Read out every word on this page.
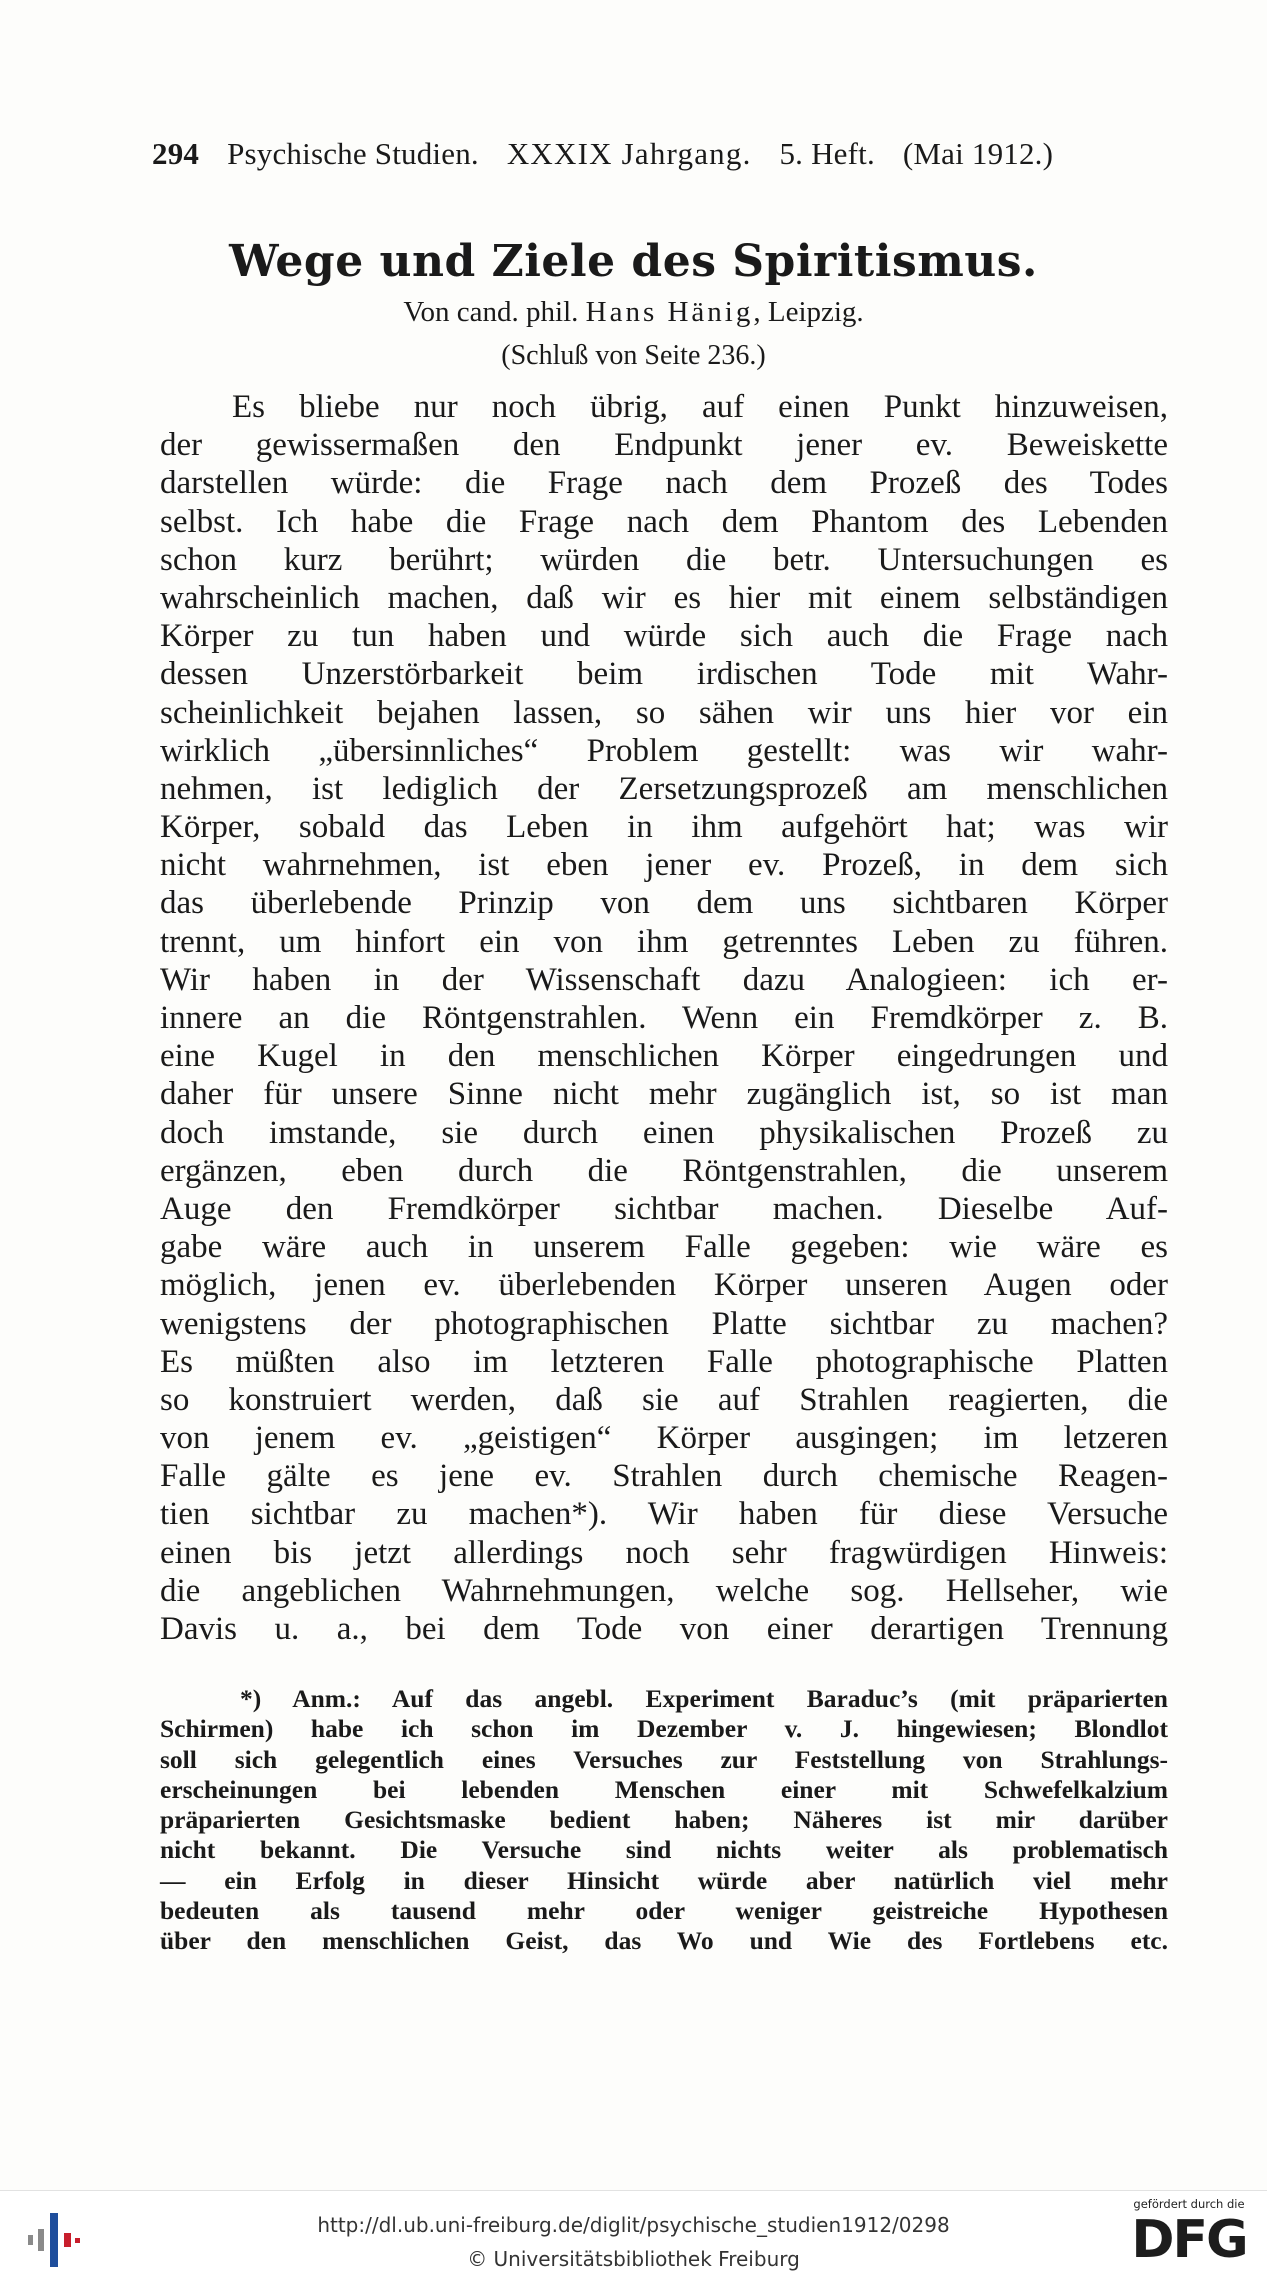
294 Psychische Studien. XXXIX Jahrgang. 5. Heft. (Mai 1912.)
Wege und Ziele des Spiritismus.
Von cand. phil. Hans Hänig, Leipzig.
(Schluß von Seite 236.)
Es bliebe nur noch übrig, auf einen Punkt hinzuweisen,
der gewissermaßen den Endpunkt jener ev. Beweiskette
darstellen würde: die Frage nach dem Prozeß des Todes
selbst. Ich habe die Frage nach dem Phantom des Lebenden
schon kurz berührt; würden die betr. Untersuchungen es
wahrscheinlich machen, daß wir es hier mit einem selbständigen
Körper zu tun haben und würde sich auch die Frage nach
dessen Unzerstörbarkeit beim irdischen Tode mit Wahr-
scheinlichkeit bejahen lassen, so sähen wir uns hier vor ein
wirklich „übersinnliches“ Problem gestellt: was wir wahr-
nehmen, ist lediglich der Zersetzungsprozeß am menschlichen
Körper, sobald das Leben in ihm aufgehört hat; was wir
nicht wahrnehmen, ist eben jener ev. Prozeß, in dem sich
das überlebende Prinzip von dem uns sichtbaren Körper
trennt, um hinfort ein von ihm getrenntes Leben zu führen.
Wir haben in der Wissenschaft dazu Analogieen: ich er-
innere an die Röntgenstrahlen. Wenn ein Fremdkörper z. B.
eine Kugel in den menschlichen Körper eingedrungen und
daher für unsere Sinne nicht mehr zugänglich ist, so ist man
doch imstande, sie durch einen physikalischen Prozeß zu
ergänzen, eben durch die Röntgenstrahlen, die unserem
Auge den Fremdkörper sichtbar machen. Dieselbe Auf-
gabe wäre auch in unserem Falle gegeben: wie wäre es
möglich, jenen ev. überlebenden Körper unseren Augen oder
wenigstens der photographischen Platte sichtbar zu machen?
Es müßten also im letzteren Falle photographische Platten
so konstruiert werden, daß sie auf Strahlen reagierten, die
von jenem ev. „geistigen“ Körper ausgingen; im letzeren
Falle gälte es jene ev. Strahlen durch chemische Reagen-
tien sichtbar zu machen*). Wir haben für diese Versuche
einen bis jetzt allerdings noch sehr fragwürdigen Hinweis:
die angeblichen Wahrnehmungen, welche sog. Hellseher, wie
Davis u. a., bei dem Tode von einer derartigen Trennung
*) Anm.: Auf das angebl. Experiment Baraduc’s (mit präparierten
Schirmen) habe ich schon im Dezember v. J. hingewiesen; Blondlot
soll sich gelegentlich eines Versuches zur Feststellung von Strahlungs-
erscheinungen bei lebenden Menschen einer mit Schwefelkalzium
präparierten Gesichtsmaske bedient haben; Näheres ist mir darüber
nicht bekannt. Die Versuche sind nichts weiter als problematisch
— ein Erfolg in dieser Hinsicht würde aber natürlich viel mehr
bedeuten als tausend mehr oder weniger geistreiche Hypothesen
über den menschlichen Geist, das Wo und Wie des Fortlebens etc.
http://dl.ub.uni-freiburg.de/diglit/psychische_studien1912/0298
© Universitätsbibliothek Freiburg
gefördert durch die
DFG
